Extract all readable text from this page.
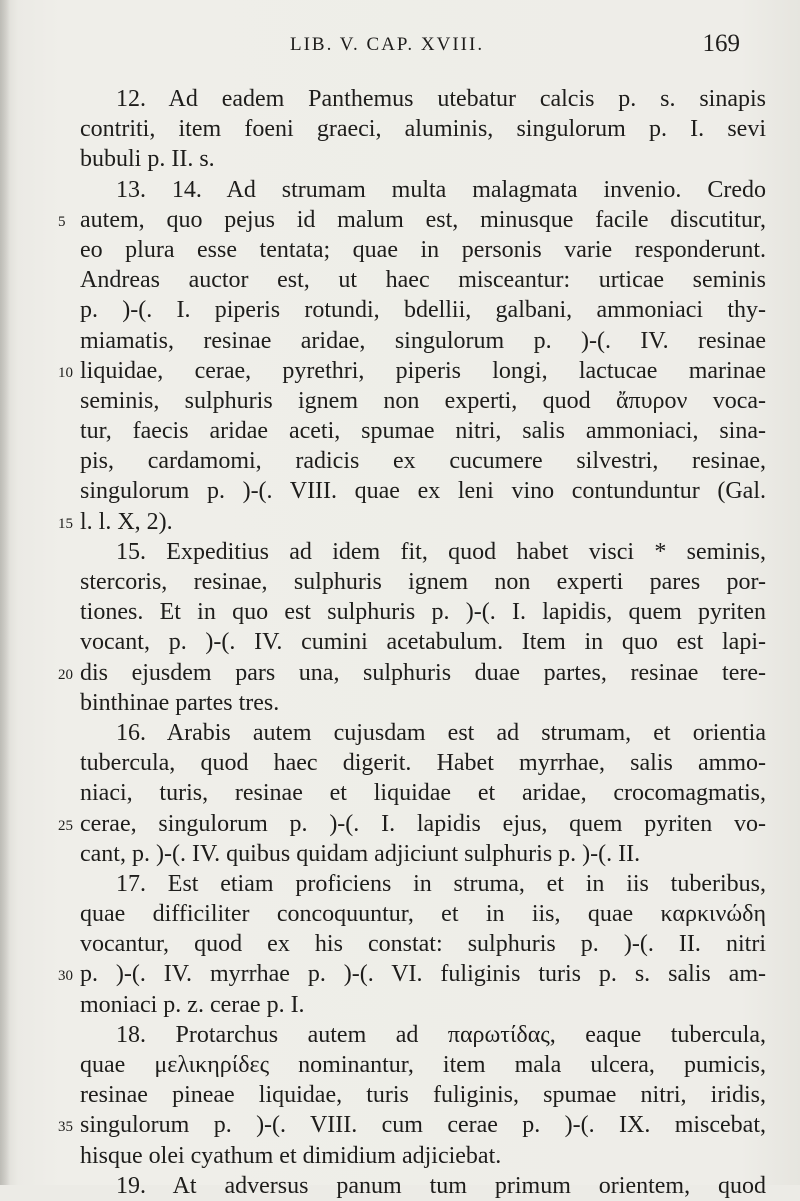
LIB. V. CAP. XVIII.	169
12. Ad eadem Panthemus utebatur calcis p. s. sinapis
contriti, item foeni graeci, aluminis, singulorum p. I. sevi
bubuli p. II. s.
13. 14. Ad strumam multa malagmata invenio. Credo
5 autem, quo pejus id malum est, minusque facile discutitur,
eo plura esse tentata; quae in personis varie responderunt.
Andreas auctor est, ut haec misceantur: urticae seminis
p. )-(. I. piperis rotundi, bdellii, galbani, ammoniaci thy-
miamatis, resinae aridae, singulorum p. )-(. IV. resinae
10 liquidae, cerae, pyrethri, piperis longi, lactucae marinae
seminis, sulphuris ignem non experti, quod ἄπυρον voca-
tur, faecis aridae aceti, spumae nitri, salis ammoniaci, sina-
pis, cardamomi, radicis ex cucumere silvestri, resinae,
singulorum p. )-(. VIII. quae ex leni vino contunduntur (Gal.
15 l. l. X, 2).
15. Expeditius ad idem fit, quod habet visci * seminis,
stercoris, resinae, sulphuris ignem non experti pares por-
tiones. Et in quo est sulphuris p. )-(. I. lapidis, quem pyriten
vocant, p. )-(. IV. cumini acetabulum. Item in quo est lapi-
20 dis ejusdem pars una, sulphuris duae partes, resinae tere-
binthinae partes tres.
16. Arabis autem cujusdam est ad strumam, et orientia
tubercula, quod haec digerit. Habet myrrhae, salis ammo-
niaci, turis, resinae et liquidae et aridae, crocomagmatis,
25 cerae, singulorum p. )-(. I. lapidis ejus, quem pyriten vo-
cant, p. )-(. IV. quibus quidam adjiciunt sulphuris p. )-(. II.
17. Est etiam proficiens in struma, et in iis tuberibus,
quae difficiliter concoquuntur, et in iis, quae καρκινώδη
vocantur, quod ex his constat: sulphuris p. )-(. II. nitri
30 p. )-(. IV. myrrhae p. )-(. VI. fuliginis turis p. s. salis am-
moniaci p. z. cerae p. I.
18. Protarchus autem ad παρωτίδας, eaque tubercula,
quae μελικηρίδες nominantur, item mala ulcera, pumicis,
resinae pineae liquidae, turis fuliginis, spumae nitri, iridis,
35 singulorum p. )-(. VIII. cum cerae p. )-(. IX. miscebat,
hisque olei cyathum et dimidium adjiciebat.
19. At adversus panum tum primum orientem, quod
